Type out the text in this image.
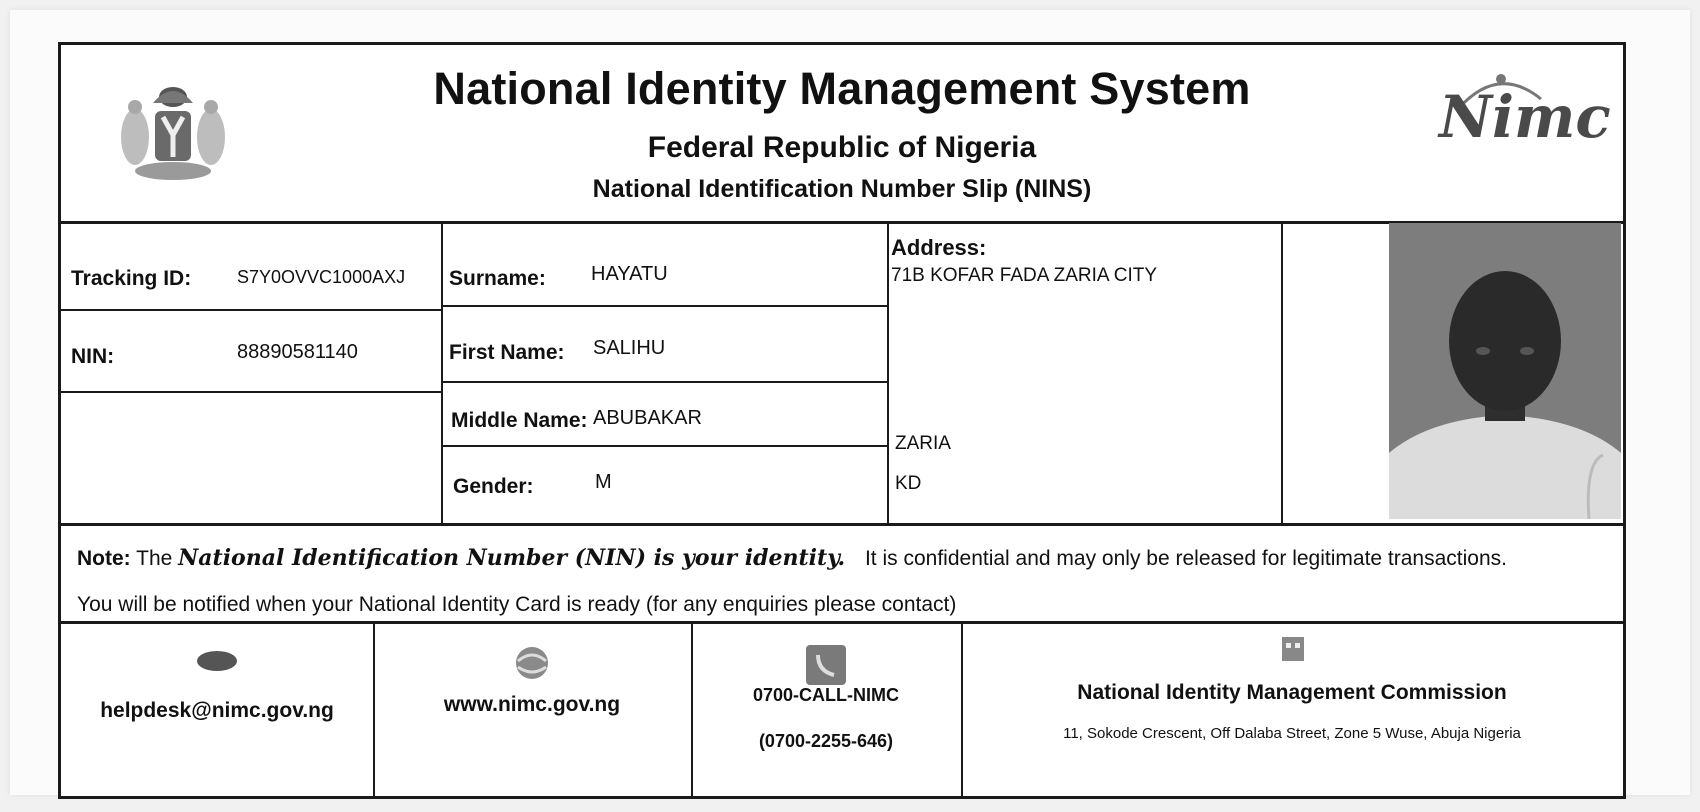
National Identity Management System
Federal Republic of Nigeria
National Identification Number Slip (NINS)
Nimc
Tracking ID:	S7Y0OVVC1000AXJ
NIN:	88890581140
Surname: HAYATU
First Name: SALIHU
Middle Name: ABUBAKAR
Gender:	M
Address:
71B KOFAR FADA ZARIA CITY
ZARIA
KD
Note: The National Identification Number (NIN) is your identity. It is confidential and may only be released for legitimate transactions.
You will be notified when your National Identity Card is ready (for any enquiries please contact)
helpdesk@nimc.gov.ng	www.nimc.gov.ng	0700-CALL-NIMC
(0700-2255-646)
National Identity Management Commission
11, Sokode Crescent, Off Dalaba Street, Zone 5 Wuse, Abuja Nigeria
